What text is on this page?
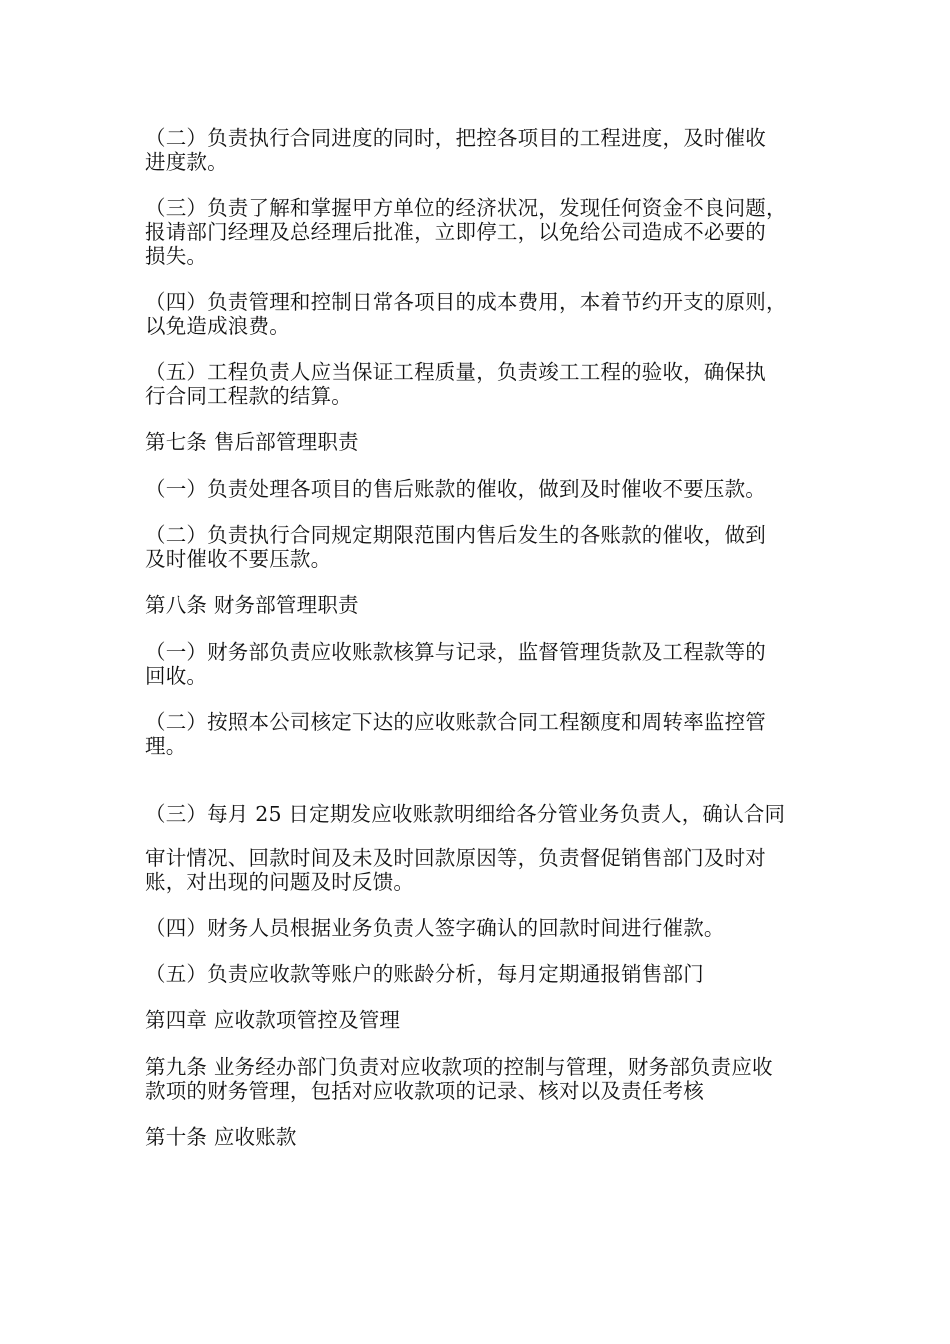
（二）负责执行合同进度的同时，把控各项目的工程进度，及时催收
进度款。

（三）负责了解和掌握甲方单位的经济状况，发现任何资金不良问题，
报请部门经理及总经理后批准，立即停工，以免给公司造成不必要的
损失。

（四）负责管理和控制日常各项目的成本费用，本着节约开支的原则，
以免造成浪费。

（五）工程负责人应当保证工程质量，负责竣工工程的验收，确保执
行合同工程款的结算。

第七条 售后部管理职责

（一）负责处理各项目的售后账款的催收，做到及时催收不要压款。

（二）负责执行合同规定期限范围内售后发生的各账款的催收，做到
及时催收不要压款。

第八条 财务部管理职责

（一）财务部负责应收账款核算与记录，监督管理货款及工程款等的
回收。

（二）按照本公司核定下达的应收账款合同工程额度和周转率监控管
理。

（三）每月 25 日定期发应收账款明细给各分管业务负责人，确认合同
审计情况、回款时间及未及时回款原因等，负责督促销售部门及时对
账，对出现的问题及时反馈。

（四）财务人员根据业务负责人签字确认的回款时间进行催款。

（五）负责应收款等账户的账龄分析，每月定期通报销售部门

第四章 应收款项管控及管理

第九条 业务经办部门负责对应收款项的控制与管理，财务部负责应收
款项的财务管理，包括对应收款项的记录、核对以及责任考核

第十条 应收账款
